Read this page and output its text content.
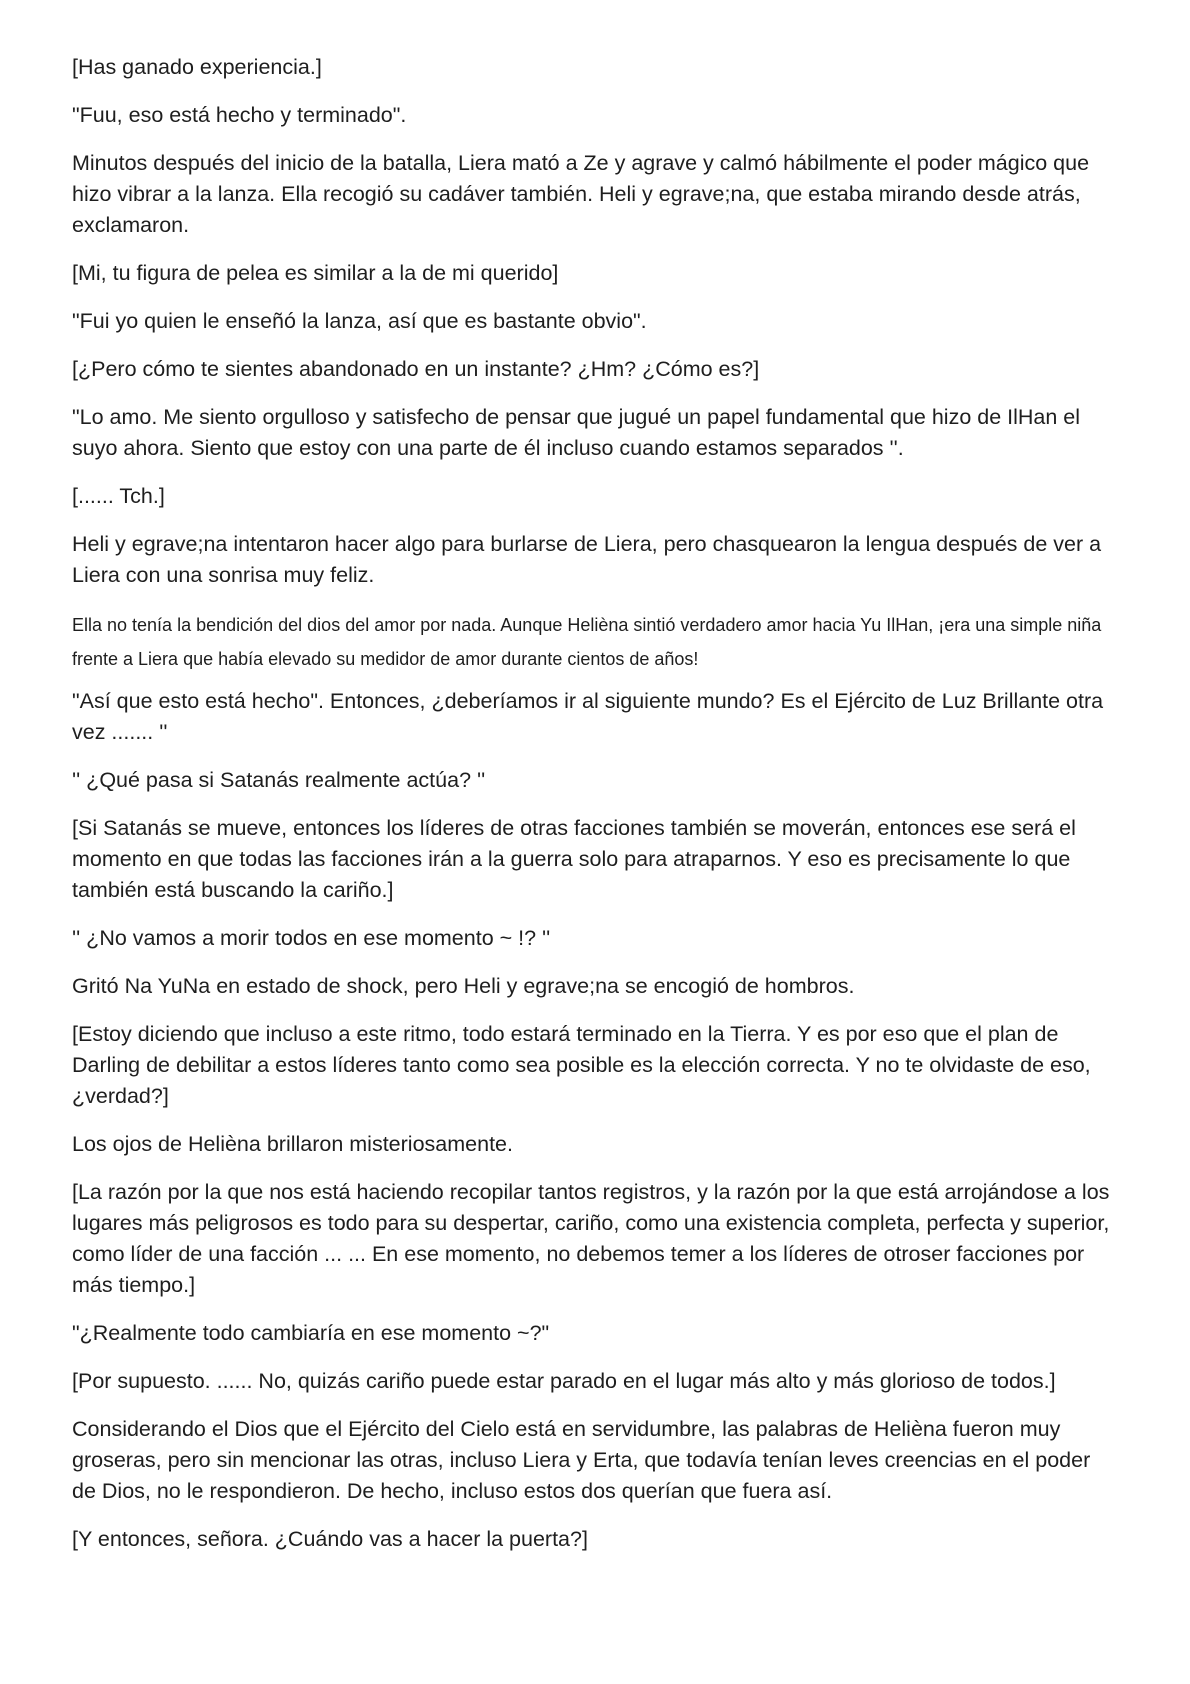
[Has ganado experiencia.]

"Fuu, eso está hecho y terminado".

Minutos después del inicio de la batalla, Liera mató a Ze y agrave y calmó hábilmente el poder mágico que hizo vibrar a la lanza. Ella recogió su cadáver también. Heli y egrave;na, que estaba mirando desde atrás, exclamaron.

[Mi, tu figura de pelea es similar a la de mi querido]

"Fui yo quien le enseñó la lanza, así que es bastante obvio".

[¿Pero cómo te sientes abandonado en un instante? ¿Hm? ¿Cómo es?]

"Lo amo. Me siento orgulloso y satisfecho de pensar que jugué un papel fundamental que hizo de IlHan el suyo ahora. Siento que estoy con una parte de él incluso cuando estamos separados ''.

[...... Tch.]

Heli y egrave;na intentaron hacer algo para burlarse de Liera, pero chasquearon la lengua después de ver a Liera con una sonrisa muy feliz.

Ella no tenía la bendición del dios del amor por nada. Aunque Helièna sintió verdadero amor hacia Yu IlHan, ¡era una simple niña frente a Liera que había elevado su medidor de amor durante cientos de años!

"Así que esto está hecho". Entonces, ¿deberíamos ir al siguiente mundo? Es el Ejército de Luz Brillante otra vez ....... ''

'' ¿Qué pasa si Satanás realmente actúa? ''

[Si Satanás se mueve, entonces los líderes de otras facciones también se moverán, entonces ese será el momento en que todas las facciones irán a la guerra solo para atraparnos. Y eso es precisamente lo que también está buscando la cariño.]

'' ¿No vamos a morir todos en ese momento ~ !? ''

Gritó Na YuNa en estado de shock, pero Heli y egrave;na se encogió de hombros.

[Estoy diciendo que incluso a este ritmo, todo estará terminado en la Tierra. Y es por eso que el plan de Darling de debilitar a estos líderes tanto como sea posible es la elección correcta. Y no te olvidaste de eso, ¿verdad?]

Los ojos de Helièna brillaron misteriosamente.

[La razón por la que nos está haciendo recopilar tantos registros, y la razón por la que está arrojándose a los lugares más peligrosos es todo para su despertar, cariño, como una existencia completa, perfecta y superior, como líder de una facción ... ... En ese momento, no debemos temer a los líderes de otroser facciones por más tiempo.]

"¿Realmente todo cambiaría en ese momento ~?"

[Por supuesto. ...... No, quizás cariño puede estar parado en el lugar más alto y más glorioso de todos.]

Considerando el Dios que el Ejército del Cielo está en servidumbre, las palabras de Helièna fueron muy groseras, pero sin mencionar las otras, incluso Liera y Erta, que todavía tenían leves creencias en el poder de Dios, no le respondieron. De hecho, incluso estos dos querían que fuera así.

[Y entonces, señora. ¿Cuándo vas a hacer la puerta?]
